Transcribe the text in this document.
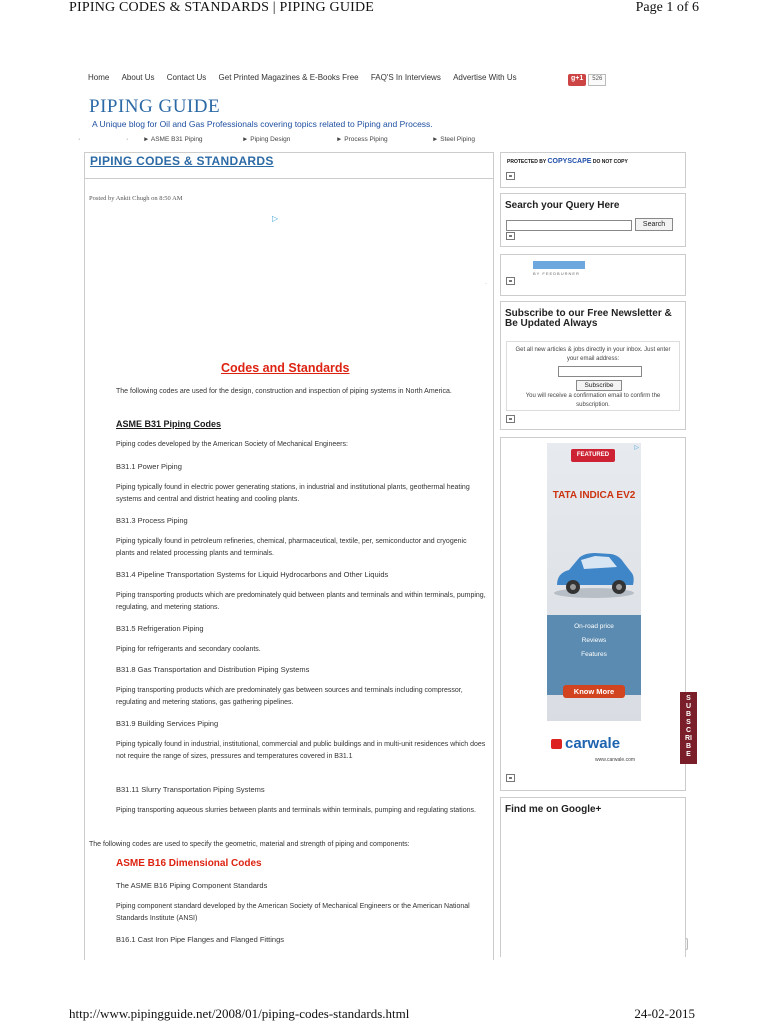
PIPING CODES & STANDARDS | PIPING GUIDE	Page 1 of 6
http://www.pipingguide.net/2008/01/piping-codes-standards.html	24-02-2015
Home About Us Contact Us Get Printed Magazines & E-Books Free FAQ'S In Interviews Advertise With Us	g+1	526
PIPING GUIDE
A Unique blog for Oil and Gas Professionals covering topics related to Piping and Process.
·	· ► ASME B31 Piping	► Piping Design	► Process Piping	► Steel Piping
PIPING CODES & STANDARDS
Posted by Ankit Chugh on 8:50 AM
▷
·
Codes and Standards
The following codes are used for the design, construction and inspection of piping systems in North America.
ASME B31 Piping Codes
Piping codes developed by the American Society of Mechanical Engineers:
B31.1 Power Piping
Piping typically found in electric power generating stations, in industrial and institutional plants, geothermal heating systems and central and district heating and cooling plants.
B31.3 Process Piping
Piping typically found in petroleum refineries, chemical, pharmaceutical, textile, per, semiconductor and cryogenic plants and related processing plants and terminals.
B31.4 Pipeline Transportation Systems for Liquid Hydrocarbons and Other Liquids
Piping transporting products which are predominately quid between plants and terminals and within terminals, pumping, regulating, and metering stations.
B31.5 Refrigeration Piping
Piping for refrigerants and secondary coolants.
B31.8 Gas Transportation and Distribution Piping Systems
Piping transporting products which are predominately gas between sources and terminals including compressor, regulating and metering stations, gas gathering pipelines.
B31.9 Building Services Piping
Piping typically found in industrial, institutional, commercial and public buildings and in multi-unit residences which does not require the range of sizes, pressures and temperatures covered in B31.1
B31.11 Slurry Transportation Piping Systems
Piping transporting aqueous slurries between plants and terminals within terminals, pumping and regulating stations.
The following codes are used to specify the geometric, material and strength of piping and components:
ASME B16 Dimensional Codes
The ASME B16 Piping Component Standards
Piping component standard developed by the American Society of Mechanical Engineers or the American National Standards Institute (ANSI)
B16.1 Cast Iron Pipe Flanges and Flanged Fittings
PROTECTED BY COPYSCAPE DO NOT COPY
Search your Query Here
Search
BY FEEDBURNER
Subscribe to our Free Newsletter & Be Updated Always
Get all new articles & jobs directly in your inbox. Just enter your email address:
Subscribe
You will receive a confirmation email to confirm the subscription.
▷
FEATURED
TATA INDICA EV2
On-road price
Reviews
Features
Know More
carwale
www.carwale.com
Find me on Google+
SUBSCRIBE
